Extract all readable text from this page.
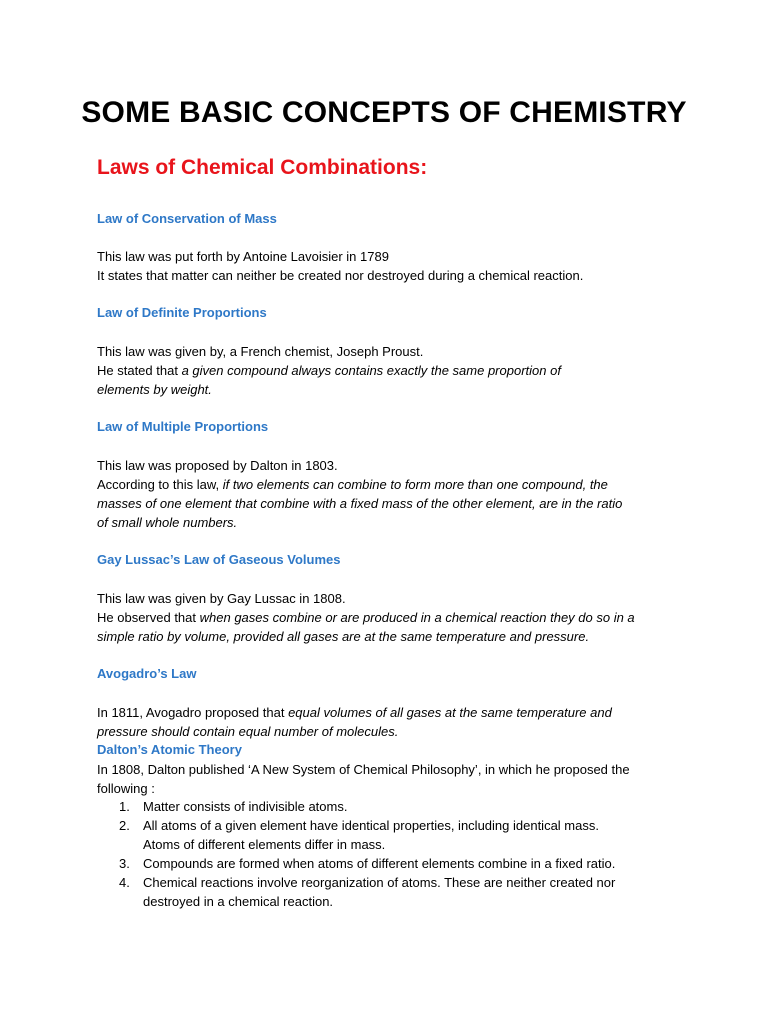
SOME BASIC CONCEPTS OF CHEMISTRY
Laws of Chemical Combinations:
Law of Conservation of Mass
This law was put forth by Antoine Lavoisier in 1789
It states that matter can neither be created nor destroyed during a chemical reaction.
Law of Definite Proportions
This law was given by, a French chemist, Joseph Proust.
He stated that a given compound always contains exactly the same proportion of
elements by weight.
Law of Multiple Proportions
This law was proposed by Dalton in 1803.
According to this law, if two elements can combine to form more than one compound, the
masses of one element that combine with a fixed mass of the other element, are in the ratio
of small whole numbers.
Gay Lussac’s Law of Gaseous Volumes
This law was given by Gay Lussac in 1808.
He observed that when gases combine or are produced in a chemical reaction they do so in a
simple ratio by volume, provided all gases are at the same temperature and pressure.
Avogadro’s Law
In 1811, Avogadro proposed that equal volumes of all gases at the same temperature and
pressure should contain equal number of molecules.
Dalton’s Atomic Theory
In 1808, Dalton published ‘A New System of Chemical Philosophy’, in which he proposed the
following :
1. Matter consists of indivisible atoms.
2. All atoms of a given element have identical properties, including identical mass.
Atoms of different elements differ in mass.
3. Compounds are formed when atoms of different elements combine in a fixed ratio.
4. Chemical reactions involve reorganization of atoms. These are neither created nor
destroyed in a chemical reaction.
